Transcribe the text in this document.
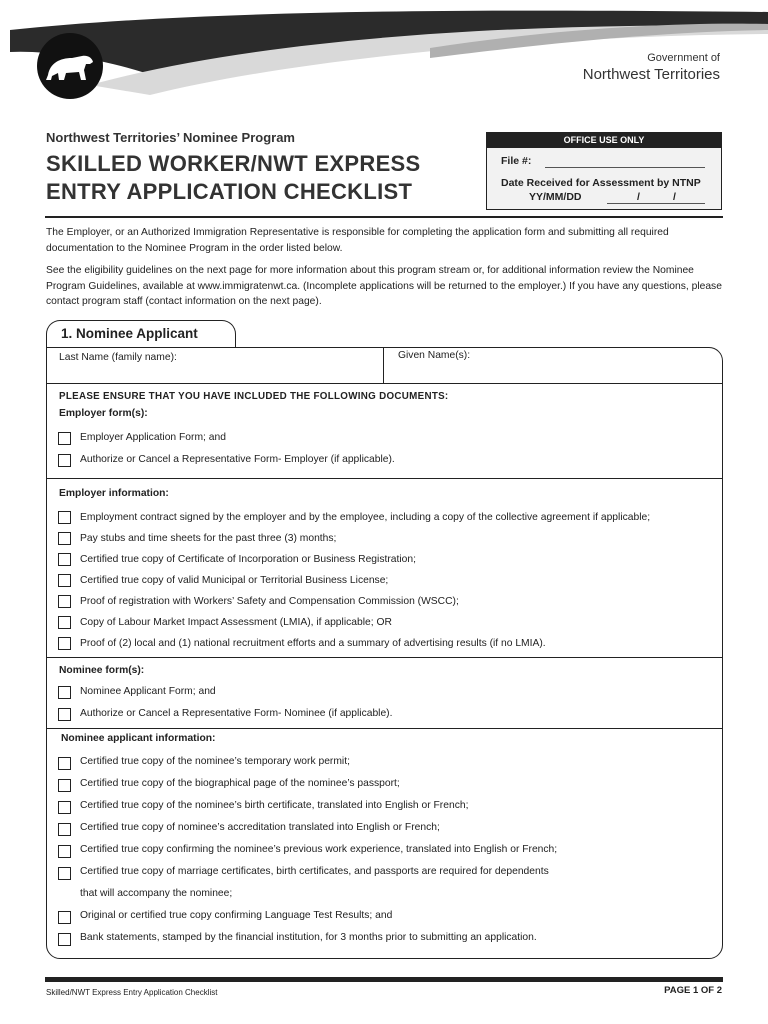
Government of
Northwest Territories
Northwest Territories’ Nominee Program
SKILLED WORKER/NWT EXPRESS
ENTRY APPLICATION CHECKLIST
OFFICE USE ONLY
File #:
Date Received for Assessment by NTNP
YY/MM/DD	/	/
The Employer, or an Authorized Immigration Representative is responsible for completing the application form and submitting all required documentation to the Nominee Program in the order listed below.
See the eligibility guidelines on the next page for more information about this program stream or, for additional information review the Nominee Program Guidelines, available at www.immigratenwt.ca. (Incomplete applications will be returned to the employer.) If you have any questions, please contact program staff (contact information on the next page).
1. Nominee Applicant
Last Name (family name):	Given Name(s):
PLEASE ENSURE THAT YOU HAVE INCLUDED THE FOLLOWING DOCUMENTS:
Employer form(s):
Employer Application Form; and
Authorize or Cancel a Representative Form- Employer (if applicable).
Employer information:
Employment contract signed by the employer and by the employee, including a copy of the collective agreement if applicable;
Pay stubs and time sheets for the past three (3) months;
Certified true copy of Certificate of Incorporation or Business Registration;
Certified true copy of valid Municipal or Territorial Business License;
Proof of registration with Workers’ Safety and Compensation Commission (WSCC);
Copy of Labour Market Impact Assessment (LMIA), if applicable; OR
Proof of (2) local and (1) national recruitment efforts and a summary of advertising results (if no LMIA).
Nominee form(s):
Nominee Applicant Form; and
Authorize or Cancel a Representative Form- Nominee (if applicable).
Nominee applicant information:
Certified true copy of the nominee’s temporary work permit;
Certified true copy of the biographical page of the nominee’s passport;
Certified true copy of the nominee’s birth certificate, translated into English or French;
Certified true copy of nominee’s accreditation translated into English or French;
Certified true copy confirming the nominee’s previous work experience, translated into English or French;
Certified true copy of marriage certificates, birth certificates, and passports are required for dependents
that will accompany the nominee;
Original or certified true copy confirming Language Test Results; and
Bank statements, stamped by the financial institution, for 3 months prior to submitting an application.
Skilled/NWT Express Entry Application Checklist	PAGE 1 OF 2
